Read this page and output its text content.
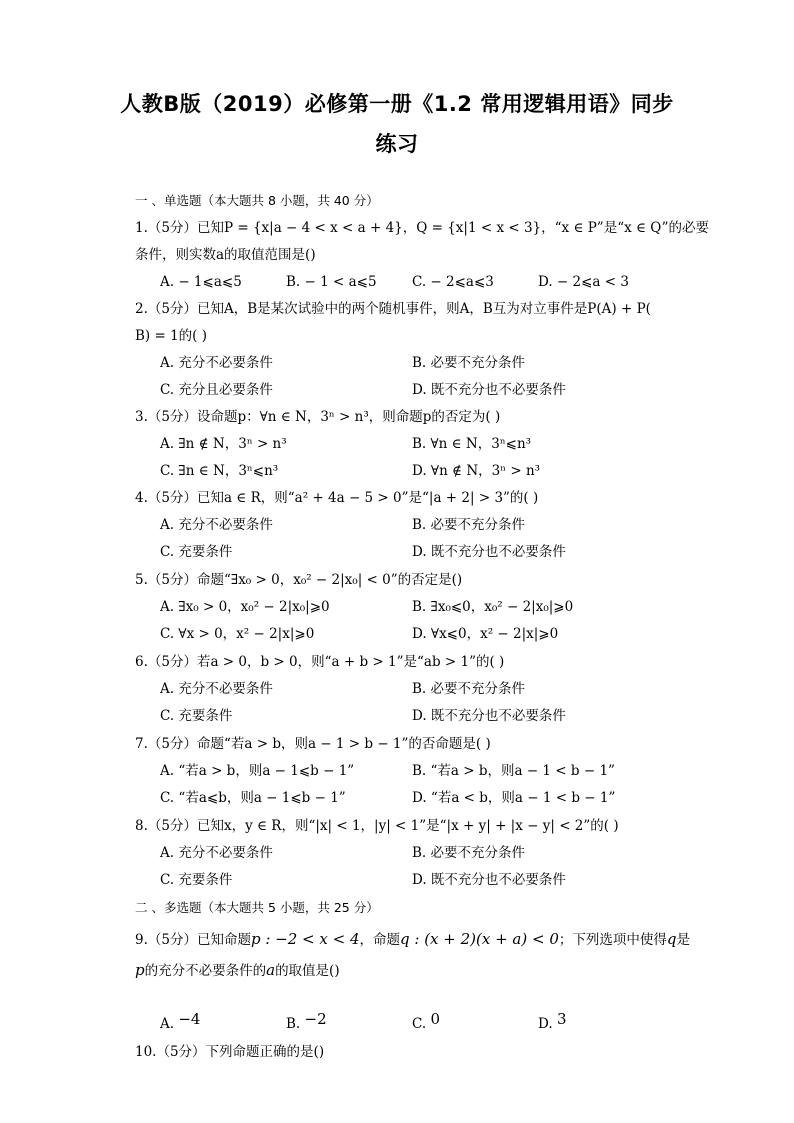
人教B版（2019）必修第一册《1.2 常用逻辑用语》同步
练习
一 、单选题（本大题共 8 小题，共 40 分）
1.（5分）已知P = {x|a − 4 < x < a + 4}，Q = {x|1 < x < 3}，“x ∈ P”是“x ∈ Q”的必要
条件，则实数a的取值范围是()
A. − 1⩽a⩽5	B. − 1 < a⩽5	C. − 2⩽a⩽3	D. − 2⩽a < 3
2.（5分）已知A，B是某次试验中的两个随机事件，则A，B互为对立事件是P(A) + P(
B) = 1的( )
A. 充分不必要条件	B. 必要不充分条件
C. 充分且必要条件	D. 既不充分也不必要条件
3.（5分）设命题p：∀n ∈ N，3ⁿ > n³，则命题p的否定为( )
A. ∃n ∉ N，3ⁿ > n³	B. ∀n ∈ N，3ⁿ⩽n³
C. ∃n ∈ N，3ⁿ⩽n³	D. ∀n ∉ N，3ⁿ > n³
4.（5分）已知a ∈ R，则“a² + 4a − 5 > 0”是“|a + 2| > 3”的( )
A. 充分不必要条件	B. 必要不充分条件
C. 充要条件	D. 既不充分也不必要条件
5.（5分）命题“∃x₀ > 0，x₀² − 2|x₀| < 0”的否定是()
A. ∃x₀ > 0，x₀² − 2|x₀|⩾0	B. ∃x₀⩽0，x₀² − 2|x₀|⩾0
C. ∀x > 0，x² − 2|x|⩾0	D. ∀x⩽0，x² − 2|x|⩾0
6.（5分）若a > 0，b > 0，则“a + b > 1”是“ab > 1”的( )
A. 充分不必要条件	B. 必要不充分条件
C. 充要条件	D. 既不充分也不必要条件
7.（5分）命题“若a > b，则a − 1 > b − 1”的否命题是( )
A. “若a > b，则a − 1⩽b − 1”	B. “若a > b，则a − 1 < b − 1”
C. “若a⩽b，则a − 1⩽b − 1”	D. “若a < b，则a − 1 < b − 1”
8.（5分）已知x，y ∈ R，则“|x| < 1，|y| < 1”是“|x + y| + |x − y| < 2”的( )
A. 充分不必要条件	B. 必要不充分条件
C. 充要条件	D. 既不充分也不必要条件
二 、多选题（本大题共 5 小题，共 25 分）
9.（5分）已知命题p : −2 < x < 4，命题q : (x + 2)(x + a) < 0；下列选项中使得q是
p的充分不必要条件的a的取值是()
A. −4	B. −2	C. 0	D. 3
10.（5分）下列命题正确的是()
